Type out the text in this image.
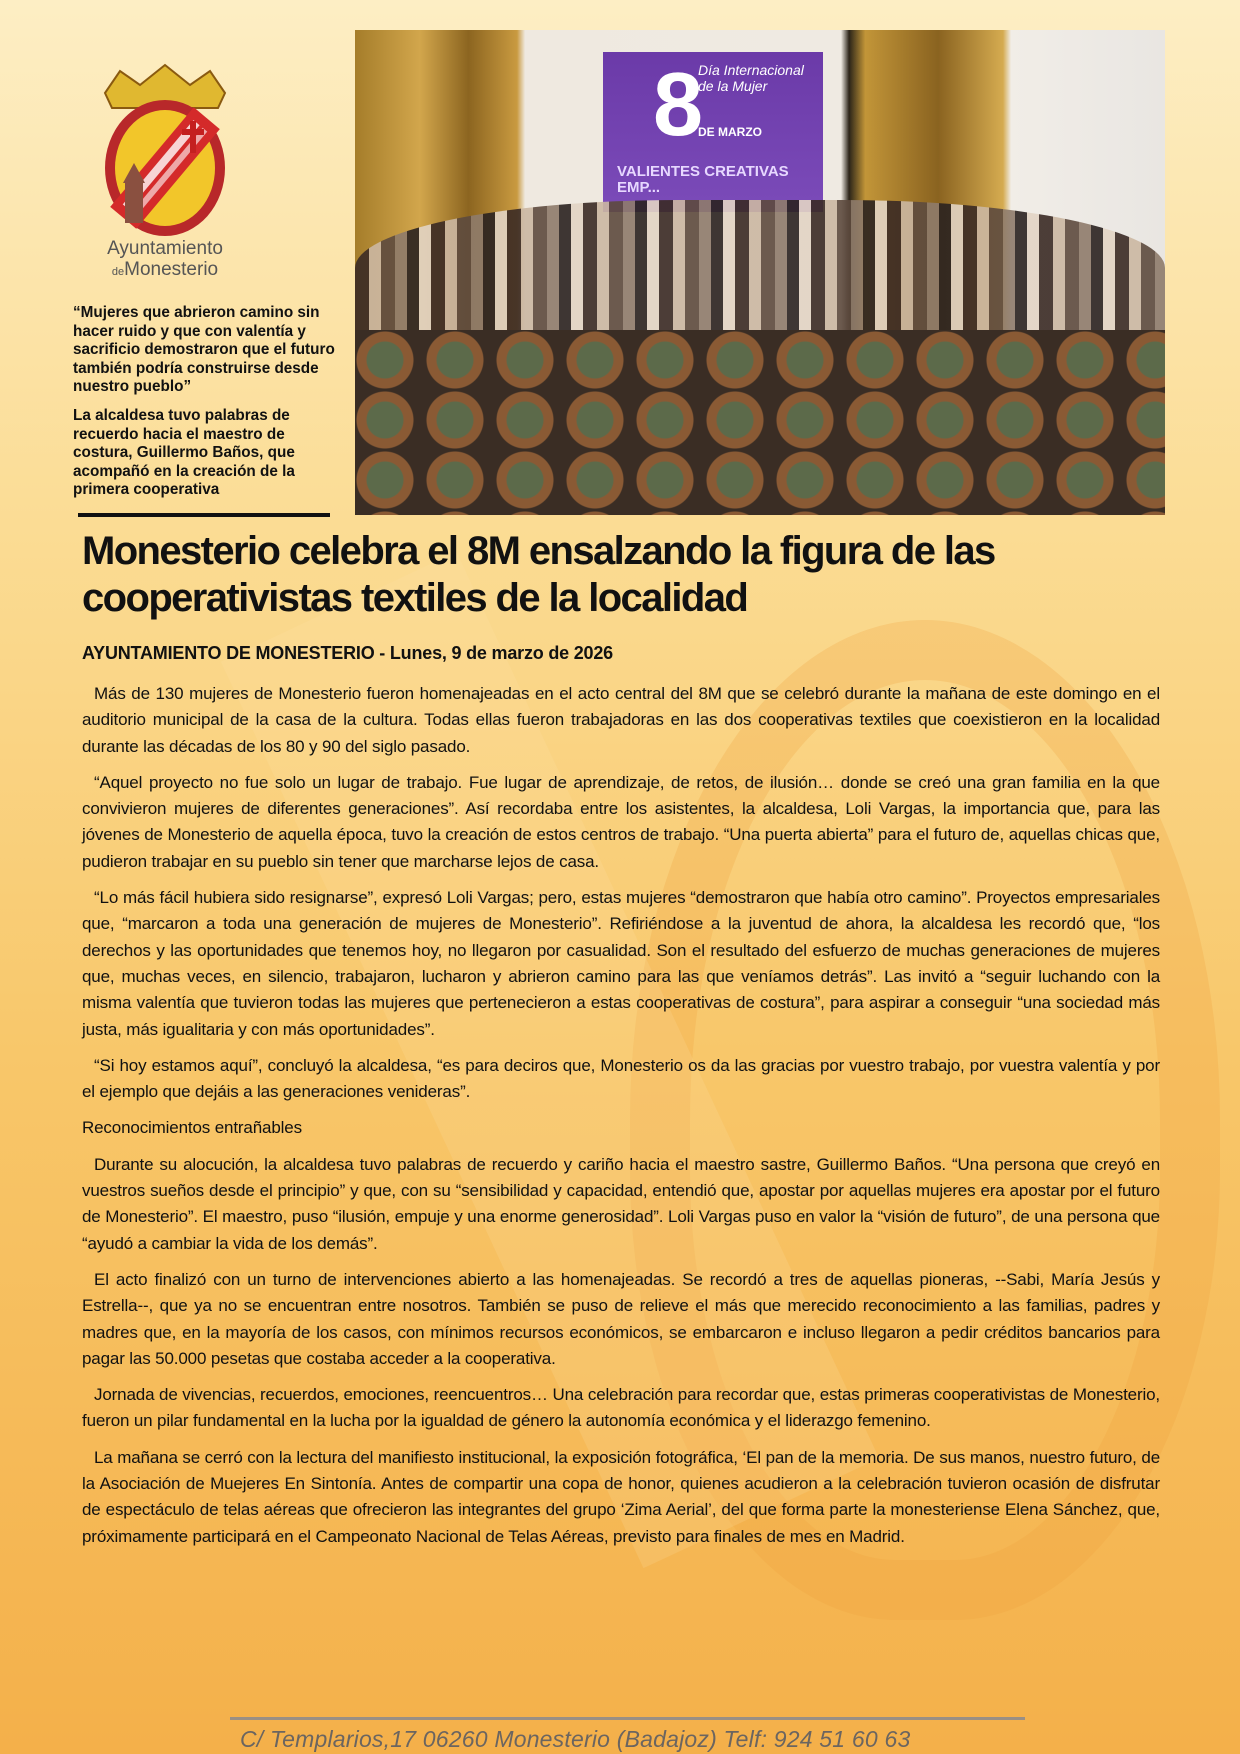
Ayuntamiento
deMonesterio
8
Día Internacional de la Mujer
DE MARZO
VALIENTES CREATIVAS EMP...

“Mujeres que abrieron camino sin hacer ruido y que con valentía y sacrificio demostraron que el futuro también podría construirse desde nuestro pueblo”

La alcaldesa tuvo palabras de recuerdo hacia el maestro de costura, Guillermo Baños, que acompañó en la creación de la primera cooperativa

Monesterio celebra el 8M ensalzando la figura de las cooperativistas textiles de la localidad
AYUNTAMIENTO DE MONESTERIO - Lunes, 9 de marzo de 2026

Más de 130 mujeres de Monesterio fueron homenajeadas en el acto central del 8M que se celebró durante la mañana de este domingo en el auditorio municipal de la casa de la cultura. Todas ellas fueron trabajadoras en las dos cooperativas textiles que coexistieron en la localidad durante las décadas de los 80 y 90 del siglo pasado.

“Aquel proyecto no fue solo un lugar de trabajo. Fue lugar de aprendizaje, de retos, de ilusión… donde se creó una gran familia en la que convivieron mujeres de diferentes generaciones”. Así recordaba entre los asistentes, la alcaldesa, Loli Vargas, la importancia que, para las jóvenes de Monesterio de aquella época, tuvo la creación de estos centros de trabajo. “Una puerta abierta” para el futuro de, aquellas chicas que, pudieron trabajar en su pueblo sin tener que marcharse lejos de casa.

“Lo más fácil hubiera sido resignarse”, expresó Loli Vargas; pero, estas mujeres “demostraron que había otro camino”. Proyectos empresariales que, “marcaron a toda una generación de mujeres de Monesterio”. Refiriéndose a la juventud de ahora, la alcaldesa les recordó que, “los derechos y las oportunidades que tenemos hoy, no llegaron por casualidad. Son el resultado del esfuerzo de muchas generaciones de mujeres que, muchas veces, en silencio, trabajaron, lucharon y abrieron camino para las que veníamos detrás”. Las invitó a “seguir luchando con la misma valentía que tuvieron todas las mujeres que pertenecieron a estas cooperativas de costura”, para aspirar a conseguir “una sociedad más justa, más igualitaria y con más oportunidades”.

“Si hoy estamos aquí”, concluyó la alcaldesa, “es para deciros que, Monesterio os da las gracias por vuestro trabajo, por vuestra valentía y por el ejemplo que dejáis a las generaciones venideras”.

Reconocimientos entrañables

Durante su alocución, la alcaldesa tuvo palabras de recuerdo y cariño hacia el maestro sastre, Guillermo Baños. “Una persona que creyó en vuestros sueños desde el principio” y que, con su “sensibilidad y capacidad, entendió que, apostar por aquellas mujeres era apostar por el futuro de Monesterio”. El maestro, puso “ilusión, empuje y una enorme generosidad”. Loli Vargas puso en valor la “visión de futuro”, de una persona que “ayudó a cambiar la vida de los demás”.

El acto finalizó con un turno de intervenciones abierto a las homenajeadas. Se recordó a tres de aquellas pioneras, --Sabi, María Jesús y Estrella--, que ya no se encuentran entre nosotros. También se puso de relieve el más que merecido reconocimiento a las familias, padres y madres que, en la mayoría de los casos, con mínimos recursos económicos, se embarcaron e incluso llegaron a pedir créditos bancarios para pagar las 50.000 pesetas que costaba acceder a la cooperativa.

Jornada de vivencias, recuerdos, emociones, reencuentros… Una celebración para recordar que, estas primeras cooperativistas de Monesterio, fueron un pilar fundamental en la lucha por la igualdad de género la autonomía económica y el liderazgo femenino.

La mañana se cerró con la lectura del manifiesto institucional, la exposición fotográfica, ‘El pan de la memoria. De sus manos, nuestro futuro, de la Asociación de Muejeres En Sintonía. Antes de compartir una copa de honor, quienes acudieron a la celebración tuvieron ocasión de disfrutar de espectáculo de telas aéreas que ofrecieron las integrantes del grupo ‘Zima Aerial’, del que forma parte la monesteriense Elena Sánchez, que, próximamente participará en el Campeonato Nacional de Telas Aéreas, previsto para finales de mes en Madrid.

C/ Templarios,17 06260 Monesterio (Badajoz) Telf: 924 51 60 63
